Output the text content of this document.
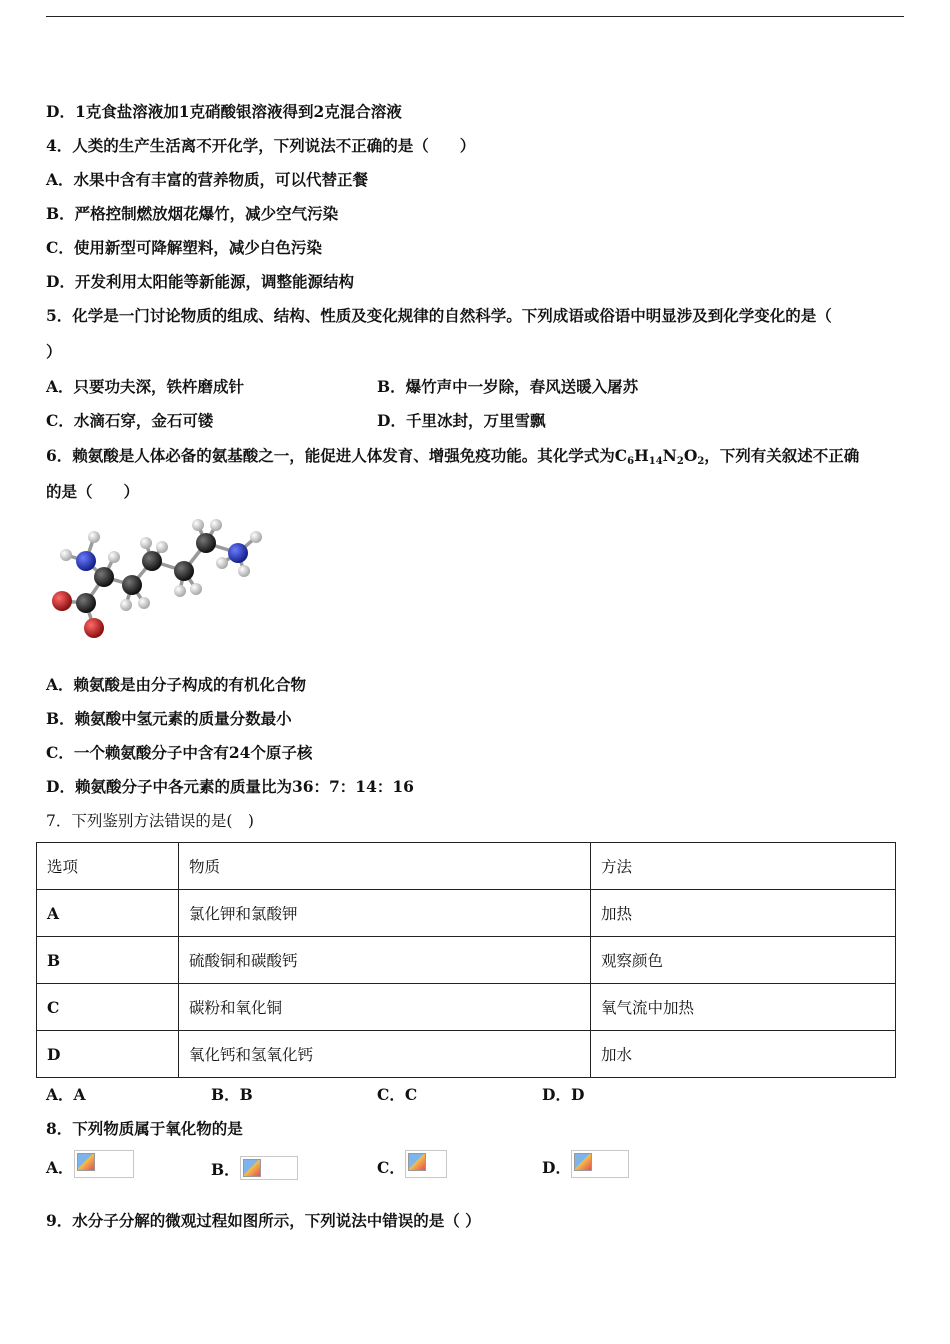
D．1克食盐溶液加1克硝酸银溶液得到2克混合溶液
4．人类的生产生活离不开化学，下列说法不正确的是（　　）
A．水果中含有丰富的营养物质，可以代替正餐
B．严格控制燃放烟花爆竹，减少空气污染
C．使用新型可降解塑料，减少白色污染
D．开发利用太阳能等新能源，调整能源结构
5．化学是一门讨论物质的组成、结构、性质及变化规律的自然科学。下列成语或俗语中明显涉及到化学变化的是（
）
A．只要功夫深，铁杵磨成针	B．爆竹声中一岁除，春风送暖入屠苏
C．水滴石穿，金石可镂	D．千里冰封，万里雪飘
6．赖氨酸是人体必备的氨基酸之一，能促进人体发育、增强免疫功能。其化学式为$C_6H_{14}N_2O_2$，下列有关叙述不正确
的是（　　）
A．赖氨酸是由分子构成的有机化合物
B．赖氨酸中氢元素的质量分数最小
C．一个赖氨酸分子中含有24个原子核
D．赖氨酸分子中各元素的质量比为36：7：14：16
7．下列鉴别方法错误的是(　)
选项	物质	方法
A	氯化钾和氯酸钾	加热
B	硫酸铜和碳酸钙	观察颜色
C	碳粉和氧化铜	氧气流中加热
D	氧化钙和氢氧化钙	加水
A．A	B．B	C．C	D．D
8．下列物质属于氧化物的是
A．	B．	C．	D．
9．水分子分解的微观过程如图所示，下列说法中错误的是（ ）
